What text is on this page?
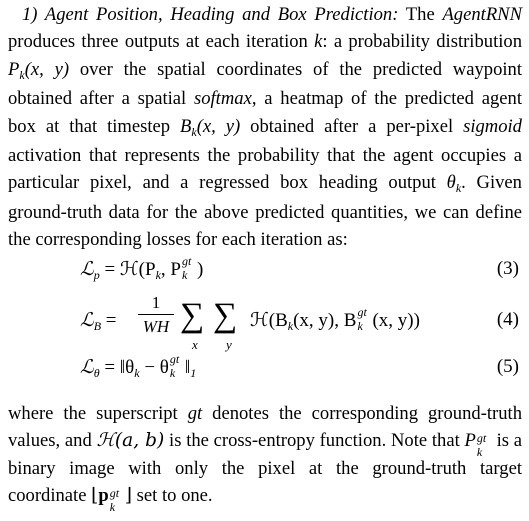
1) Agent Position, Heading and Box Prediction: The AgentRNN produces three outputs at each iteration k: a probability distribution $P_k(x$, y) over the spatial coordinates of the predicted waypoint obtained after a spatial softmax, a heatmap of the predicted agent box at that timestep $B_k(x$, y) obtained after a per-pixel sigmoid activation that represents the probability that the agent occupies a particular pixel, and a regressed box heading output $\theta_k$. Given ground-truth data for the above predicted quantities, we can define the corresponding losses for each iteration as:
ℒ$_p$ = $ℋ(P_k$, P gt
k )	(3)
ℒ$_B$ =
1
WH ∑
x
∑
y
$ℋ(B_k(x$, y), B gt
k (x, y))	(4)
ℒ$_\theta$ = $‖\theta_k - \theta$ gt
k $‖_1$	(5)
where the superscript gt denotes the corresponding ground-truth values, and ℋ(a, b) is the cross-entropy function. Note that P gt
k
is a binary image with only the pixel at the ground-truth target coordinate ⌊p gt
k
⌋ set to one.
